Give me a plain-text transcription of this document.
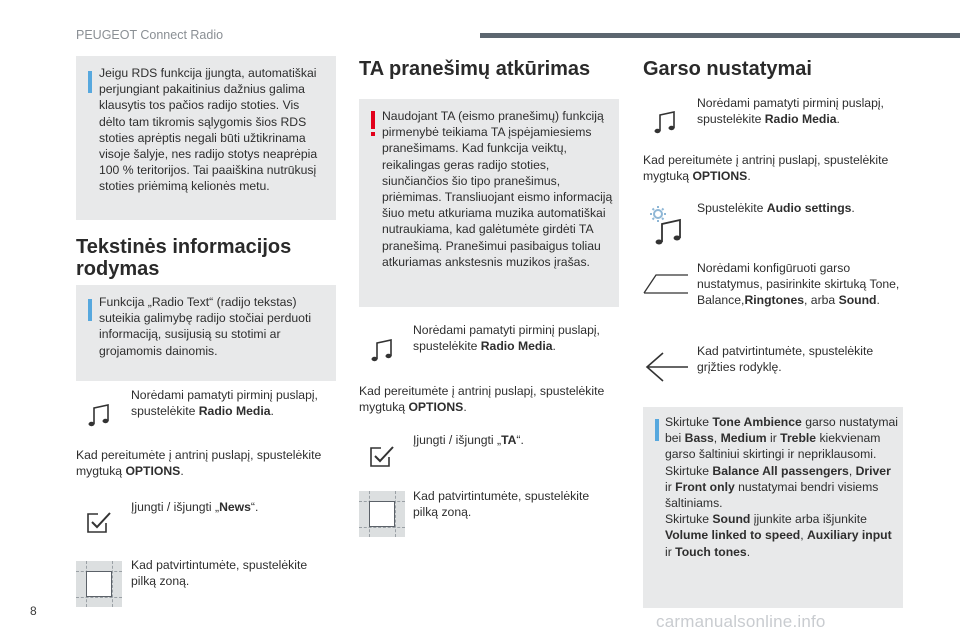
PEUGEOT Connect Radio
Jeigu RDS funkcija įjungta, automatiškai perjungiant pakaitinius dažnius galima klausytis tos pačios radijo stoties. Vis dėlto tam tikromis sąlygomis šios RDS stoties aprėptis negali būti užtikrinama visoje šalyje, nes radijo stotys neaprėpia 100 % teritorijos. Tai paaiškina nutrūkusį stoties priėmimą kelionės metu.
Tekstinės informacijos rodymas
Funkcija „Radio Text“ (radijo tekstas) suteikia galimybę radijo stočiai perduoti informaciją, susijusią su stotimi ar grojamomis dainomis.
Norėdami pamatyti pirminį puslapį, spustelėkite Radio Media.
Kad pereitumėte į antrinį puslapį, spustelėkite mygtuką OPTIONS.
Įjungti / išjungti „News“.
Kad patvirtintumėte, spustelėkite pilką zoną.
TA pranešimų atkūrimas
Naudojant TA (eismo pranešimų) funkciją pirmenybė teikiama TA įspėjamiesiems pranešimams. Kad funkcija veiktų, reikalingas geras radijo stoties, siunčiančios šio tipo pranešimus, priėmimas. Transliuojant eismo informaciją šiuo metu atkuriama muzika automatiškai nutraukiama, kad galėtumėte girdėti TA pranešimą. Pranešimui pasibaigus toliau atkuriamas ankstesnis muzikos įrašas.
Norėdami pamatyti pirminį puslapį, spustelėkite Radio Media.
Kad pereitumėte į antrinį puslapį, spustelėkite mygtuką OPTIONS.
Įjungti / išjungti „TA“.
Kad patvirtintumėte, spustelėkite pilką zoną.
Garso nustatymai
Norėdami pamatyti pirminį puslapį, spustelėkite Radio Media.
Kad pereitumėte į antrinį puslapį, spustelėkite mygtuką OPTIONS.
Spustelėkite Audio settings.
Norėdami konfigūruoti garso nustatymus, pasirinkite skirtuką Tone, Balance,Ringtones, arba Sound.
Kad patvirtintumėte, spustelėkite grįžties rodyklę.
Skirtuke Tone Ambience garso nustatymai bei Bass, Medium ir Treble kiekvienam garso šaltiniui skirtingi ir nepriklausomi.
Skirtuke Balance All passengers, Driver
ir Front only nustatymai bendri visiems šaltiniams.
Skirtuke Sound įjunkite arba išjunkite Volume linked to speed, Auxiliary input
ir Touch tones.
8
carmanualsonline.info
